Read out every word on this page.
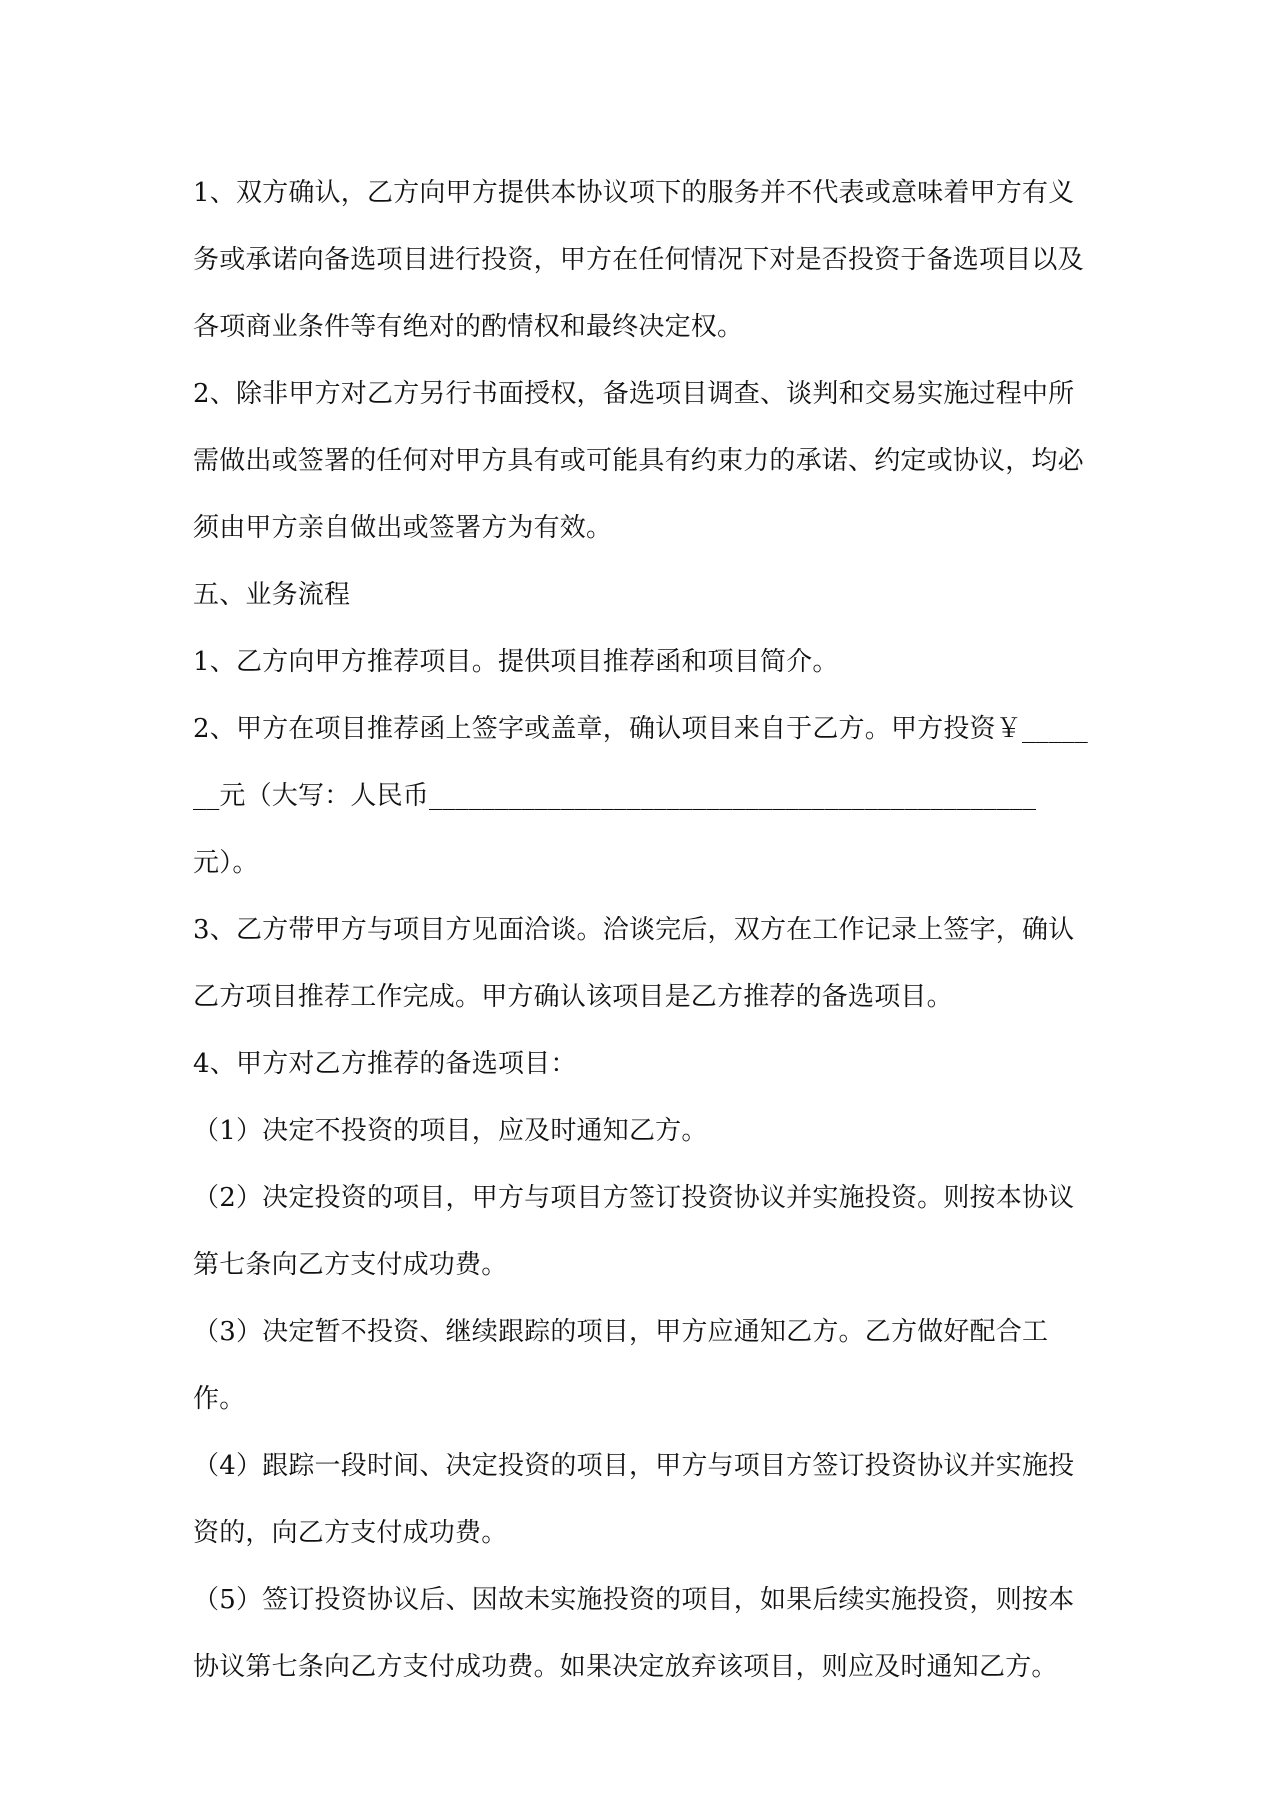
1、双方确认，乙方向甲方提供本协议项下的服务并不代表或意味着甲方有义务或承诺向备选项目进行投资，甲方在任何情况下对是否投资于备选项目以及各项商业条件等有绝对的酌情权和最终决定权。

2、除非甲方对乙方另行书面授权，备选项目调查、谈判和交易实施过程中所需做出或签署的任何对甲方具有或可能具有约束力的承诺、约定或协议，均必须由甲方亲自做出或签署方为有效。

五、业务流程

1、乙方向甲方推荐项目。提供项目推荐函和项目简介。

2、甲方在项目推荐函上签字或盖章，确认项目来自于乙方。甲方投资￥_______元（大写：人民币______________________________________________元）。

3、乙方带甲方与项目方见面洽谈。洽谈完后，双方在工作记录上签字，确认乙方项目推荐工作完成。甲方确认该项目是乙方推荐的备选项目。

4、甲方对乙方推荐的备选项目：

（1）决定不投资的项目，应及时通知乙方。

（2）决定投资的项目，甲方与项目方签订投资协议并实施投资。则按本协议第七条向乙方支付成功费。

（3）决定暂不投资、继续跟踪的项目，甲方应通知乙方。乙方做好配合工作。

（4）跟踪一段时间、决定投资的项目，甲方与项目方签订投资协议并实施投资的，向乙方支付成功费。

（5）签订投资协议后、因故未实施投资的项目，如果后续实施投资，则按本协议第七条向乙方支付成功费。如果决定放弃该项目，则应及时通知乙方。
